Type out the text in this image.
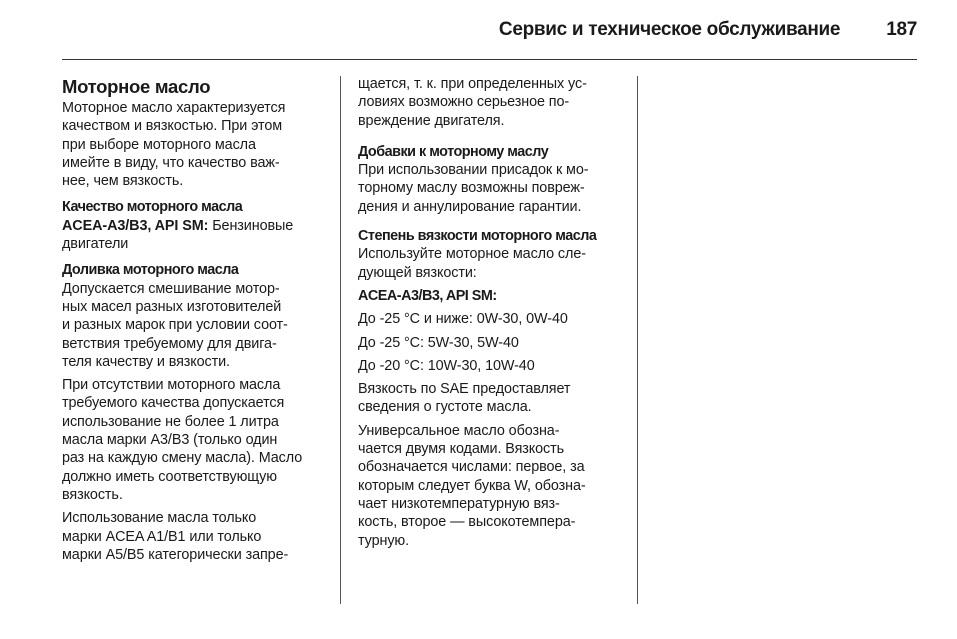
Сервис и техническое обслуживание 187
Моторное масло
Моторное масло характеризуется
качеством и вязкостью. При этом
при выборе моторного масла
имейте в виду, что качество важ-
нее, чем вязкость.
Качество моторного масла

ACEA-A3/B3, API SM: Бензиновые
двигатели

Доливка моторного масла
Допускается смешивание мотор-
ных масел разных изготовителей
и разных марок при условии соот-
ветствия требуемому для двига-
теля качеству и вязкости.
При отсутствии моторного масла
требуемого качества допускается
использование не более 1 литра
масла марки A3/B3 (только один
раз на каждую смену масла). Масло
должно иметь соответствующую
вязкость.
Использование масла только
марки ACEA A1/B1 или только
марки A5/B5 категорически запре-
щается, т. к. при определенных ус-
ловиях возможно серьезное по-
вреждение двигателя.
Добавки к моторному маслу
При использовании присадок к мо-
торному маслу возможны повреж-
дения и аннулирование гарантии.
Степень вязкости моторного масла
Используйте моторное масло сле-
дующей вязкости:
ACEA-A3/B3, API SM:

До -25 °C и ниже: 0W-30, 0W-40

До -25 °C: 5W-30, 5W-40

До -20 °C: 10W-30, 10W-40

Вязкость по SAE предоставляет
сведения о густоте масла.
Универсальное масло обозна-
чается двумя кодами. Вязкость
обозначается числами: первое, за
которым следует буква W, обозна-
чает низкотемпературную вяз-
кость, второе — высокотемпера-
турную.
